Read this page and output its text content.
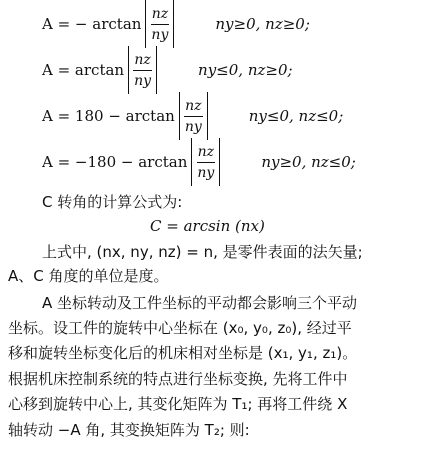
A = − $\arctan \frac{nz}{ny}$	ny≥0, nz≥0;
$A = \arctan \frac{nz}{ny}$	ny≤0, nz≥0;
$A = 180 - \arctan \frac{nz}{ny}$	ny≤0, nz≤0;
$A = -180 - \arctan \frac{nz}{ny}$	ny≥0, nz≤0;
C 转角的计算公式为:
C = arcsin (nx)
上式中, (nx, ny, nz) = n, 是零件表面的法矢量;
A、C 角度的单位是度。
A 坐标转动及工件坐标的平动都会影响三个平动
坐标。设工件的旋转中心坐标在 (x₀, y₀, z₀), 经过平
移和旋转坐标变化后的机床相对坐标是 (x₁, y₁, z₁)。
根据机床控制系统的特点进行坐标变换, 先将工件中
心移到旋转中心上, 其变化矩阵为 T₁; 再将工件绕 X
轴转动 −A 角, 其变换矩阵为 T₂; 则:
